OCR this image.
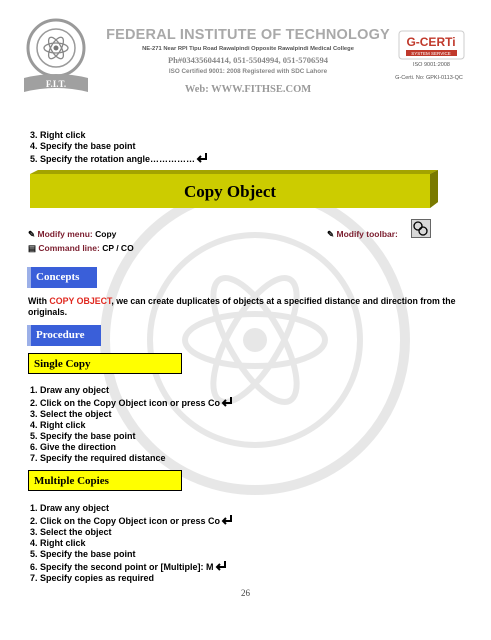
F.I.T.
FEDERAL INSTITUTE OF TECHNOLOGY
NE-271 Near RPI Tipu Road Rawalpindi Opposite Rawalpindi Medical College
Ph#03435604414, 051-5504994, 051-5706594
ISO Certified 9001: 2008 Registered with SDC Lahore
Web: WWW.FITHSE.COM
G-CERTi
SYSTEM SERVICE
ISO 9001:2008
G-Certi. No: GPKI-0113-QC
3. Right click
4. Specify the base point
5. Specify the rotation angle……………
Copy Object
✎ Modify menu: Copy	✎ Modify toolbar:
▤ Command line: CP / CO
Concepts
With COPY OBJECT, we can create duplicates of objects at a specified distance and direction from the originals.
Procedure
Single Copy
1. Draw any object
2. Click on the Copy Object icon or press Co
3. Select the object
4. Right click
5. Specify the base point
6. Give the direction
7. Specify the required distance
Multiple Copies
1. Draw any object
2. Click on the Copy Object icon or press Co
3. Select the object
4. Right click
5. Specify the base point
6. Specify the second point or [Multiple]: M
7. Specify copies as required
26
